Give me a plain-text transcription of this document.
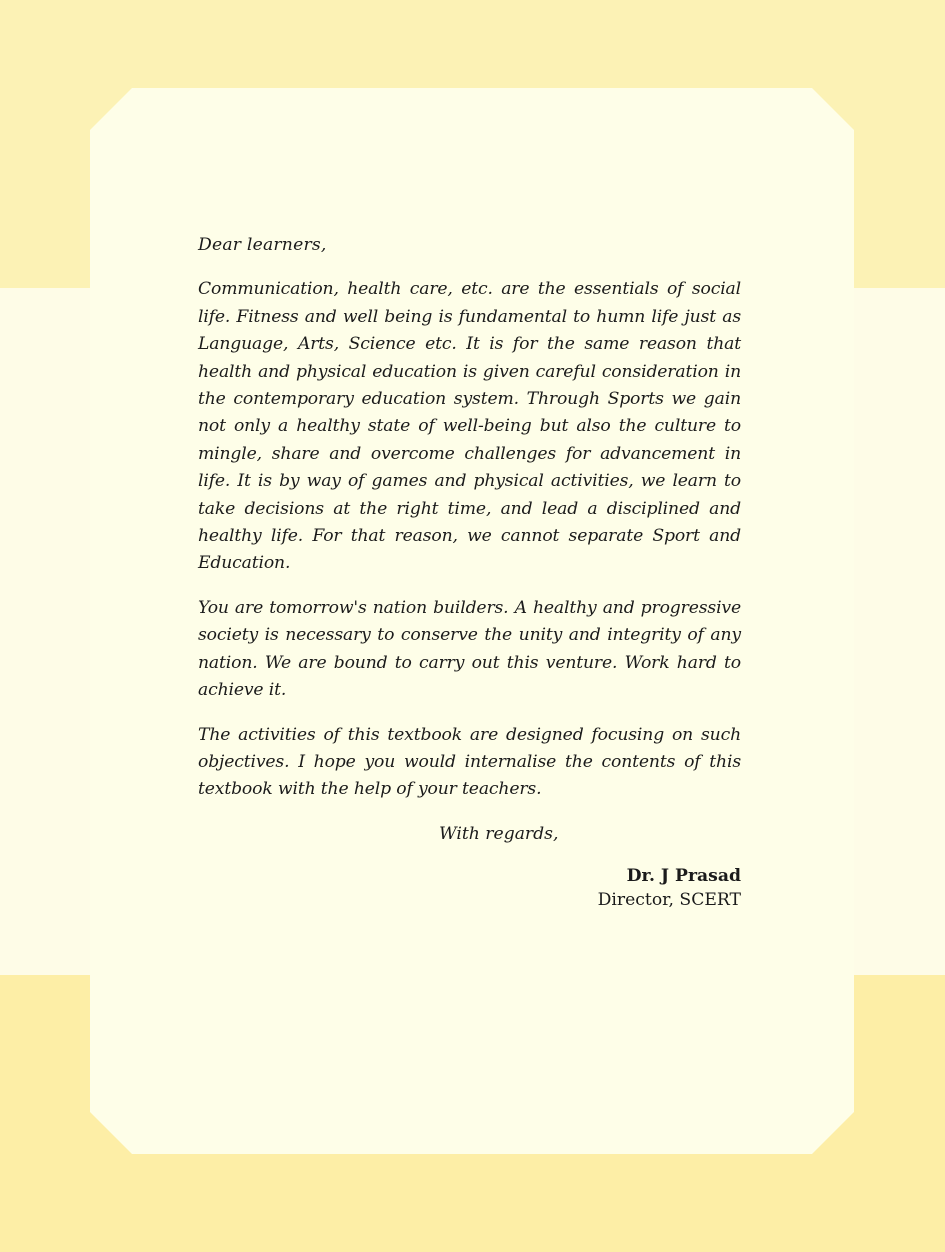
Dear learners,

Communication, health care, etc. are the essentials of social life. Fitness and well being is fundamental to humn life just as Language, Arts, Science etc. It is for the same reason that health and physical education is given careful consideration in the contemporary education system. Through Sports we gain not only a healthy state of well-being but also the culture to mingle, share and overcome challenges for advancement in life. It is by way of games and physical activities, we learn to take decisions at the right time, and lead a disciplined and healthy life. For that reason, we cannot separate Sport and Education.

You are tomorrow's nation builders. A healthy and progressive society is necessary to conserve the unity and integrity of any nation. We are bound to carry out this venture. Work hard to achieve it.

The activities of this textbook are designed focusing on such objectives. I hope you would internalise the contents of this textbook with the help of your teachers.

With regards,

Dr. J Prasad

Director, SCERT
